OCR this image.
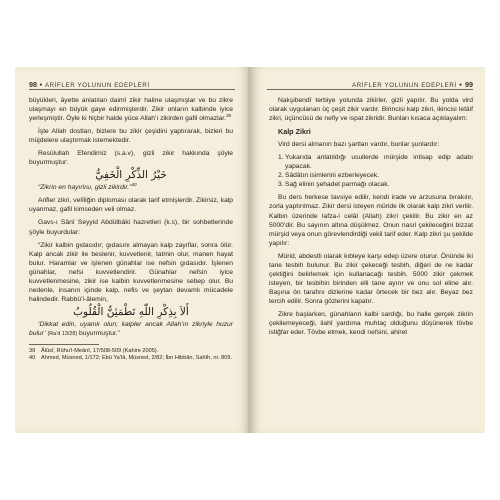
98 ● ARİFLER YOLUNUN EDEPLERİ

büyükleri, âyette anlatılan daimî zikir haline ulaşmışlar ve bu zikre ulaşmayı en büyük gaye edinmişlerdir. Zikir onların kalbinde iyice yerleşmiştir. Öyle ki hiçbir halde yüce Allah’ı zikirden gafil olmazlar.$^{38}$

İşte Allah dostları, bizlere bu zikir çeşidini yaptırarak, bizleri bu müjdelere ulaştırmak istemektedir.

Resûlullah Efendimiz (s.a.v), gizli zikir hakkında şöyle buyurmuştur:

خَيْرُ الذِّكْرِ الْخَفِيُّ

“Zikrin en hayırlısı, gizli zikirdir.”$^{40}$

Arifler zikri, velîliğin diploması olarak tarif etmişlerdir. Zikirsiz, kalp uyanmaz, gafil kimseden veli olmaz.

Gavs-ı Sânî Seyyid Abdülbâki hazretleri (k.s), bir sohbetlerinde şöyle buyurdular:

“Zikir kalbin gıdasıdır; gıdasını almayan kalp zayıflar, sonra ölür. Kalp ancak zikir ile beslenir, kuvvetlenir, tatmin olur, manen hayat bulur. Haramlar ve işlenen günahlar ise nefsin gıdasıdır. İşlenen günahlar, nefsi kuvvetlendirir. Günahlar nefsin iyice kuvvetlenmesine, zikir ise kalbin kuvvetlenmesine sebep olur. Bu nedenle, insanın içinde kalp, nefis ve şeytan devamlı mücadele halindedir. Rabbü’l-âlemin,

أَلاَ بِذِكْرِ اللّٰهِ تَطْمَئِنُّ الْقُلُوبُ

‘Dikkat edin, uyanık olun; kalpler ancak Allah’ın zikriyle huzur bulur’ (Ra’d 13/28) buyurmuştur.”

39 Âlûsî, Rûhu’l-Meânî, 17/508-509 (Kahire 2005).
40 Ahmed, Müsned, 1/172; Ebû Ya’lâ, Müsned, 2/82; İbn Hibbân, Sahîh, nr. 809.
ARİFLER YOLUNUN EDEPLERİ ● 99

Nakşibendî terbiye yolunda zikirler, gizli yapılır. Bu yolda vird olarak uygulanan üç çeşit zikir vardır. Birincisi kalp zikri, ikincisi letâif zikri, üçüncüsü de nefiy ve ispat zikridir. Bunları kısaca açıklayalım:

Kalp Zikri

Vird dersi almanın bazı şartları vardır, bunlar şunlardır:

1. Yukarıda anlatıldığı usullerde mürşide intisap edip adabı yapacak.

2. Sâdâtın isimlerini ezberleyecek.

3. Sağ elinin şehadet parmağı olacak.

Bu ders herkese tavsiye edilir, kendi irade ve arzusuna bırakılır, zorla yaptırılmaz. Zikir dersi isteyen müride ilk olarak kalp zikri verilir. Kalbin üzerinde lafza-i celâl (Allah) zikri çekilir. Bu zikir en az 5000’dir. Bu sayının altına düşülmez. Onun nasıl çekileceğini bizzat mürşid veya onun görevlendirdiği vekil tarif eder. Kalp zikri şu şekilde yapılır:

Mürid, abdestli olarak kıbleye karşı edep üzere oturur. Önünde iki tane tesbih bulunur. Bu zikir çekeceği tesbih, diğeri de ne kadar çektiğini belirlemek için kullanacağı tesbih. 5000 zikir çekmek isteyen, bir tesbihin birinden elli tane ayırır ve onu sol eline alır. Başına ön tarafını dizlerine kadar örtecek bir bez alır. Beyaz bez tercih edilir. Sonra gözlerini kapatır.

Zikre başlarken, günahların kalbi sardığı, bu halle gerçek zikrin çekilemeyeceği, ilahî yardıma muhtaç olduğunu düşünerek tövbe istiğfar eder. Tövbe etmek, kendi nefsini, ahiret
